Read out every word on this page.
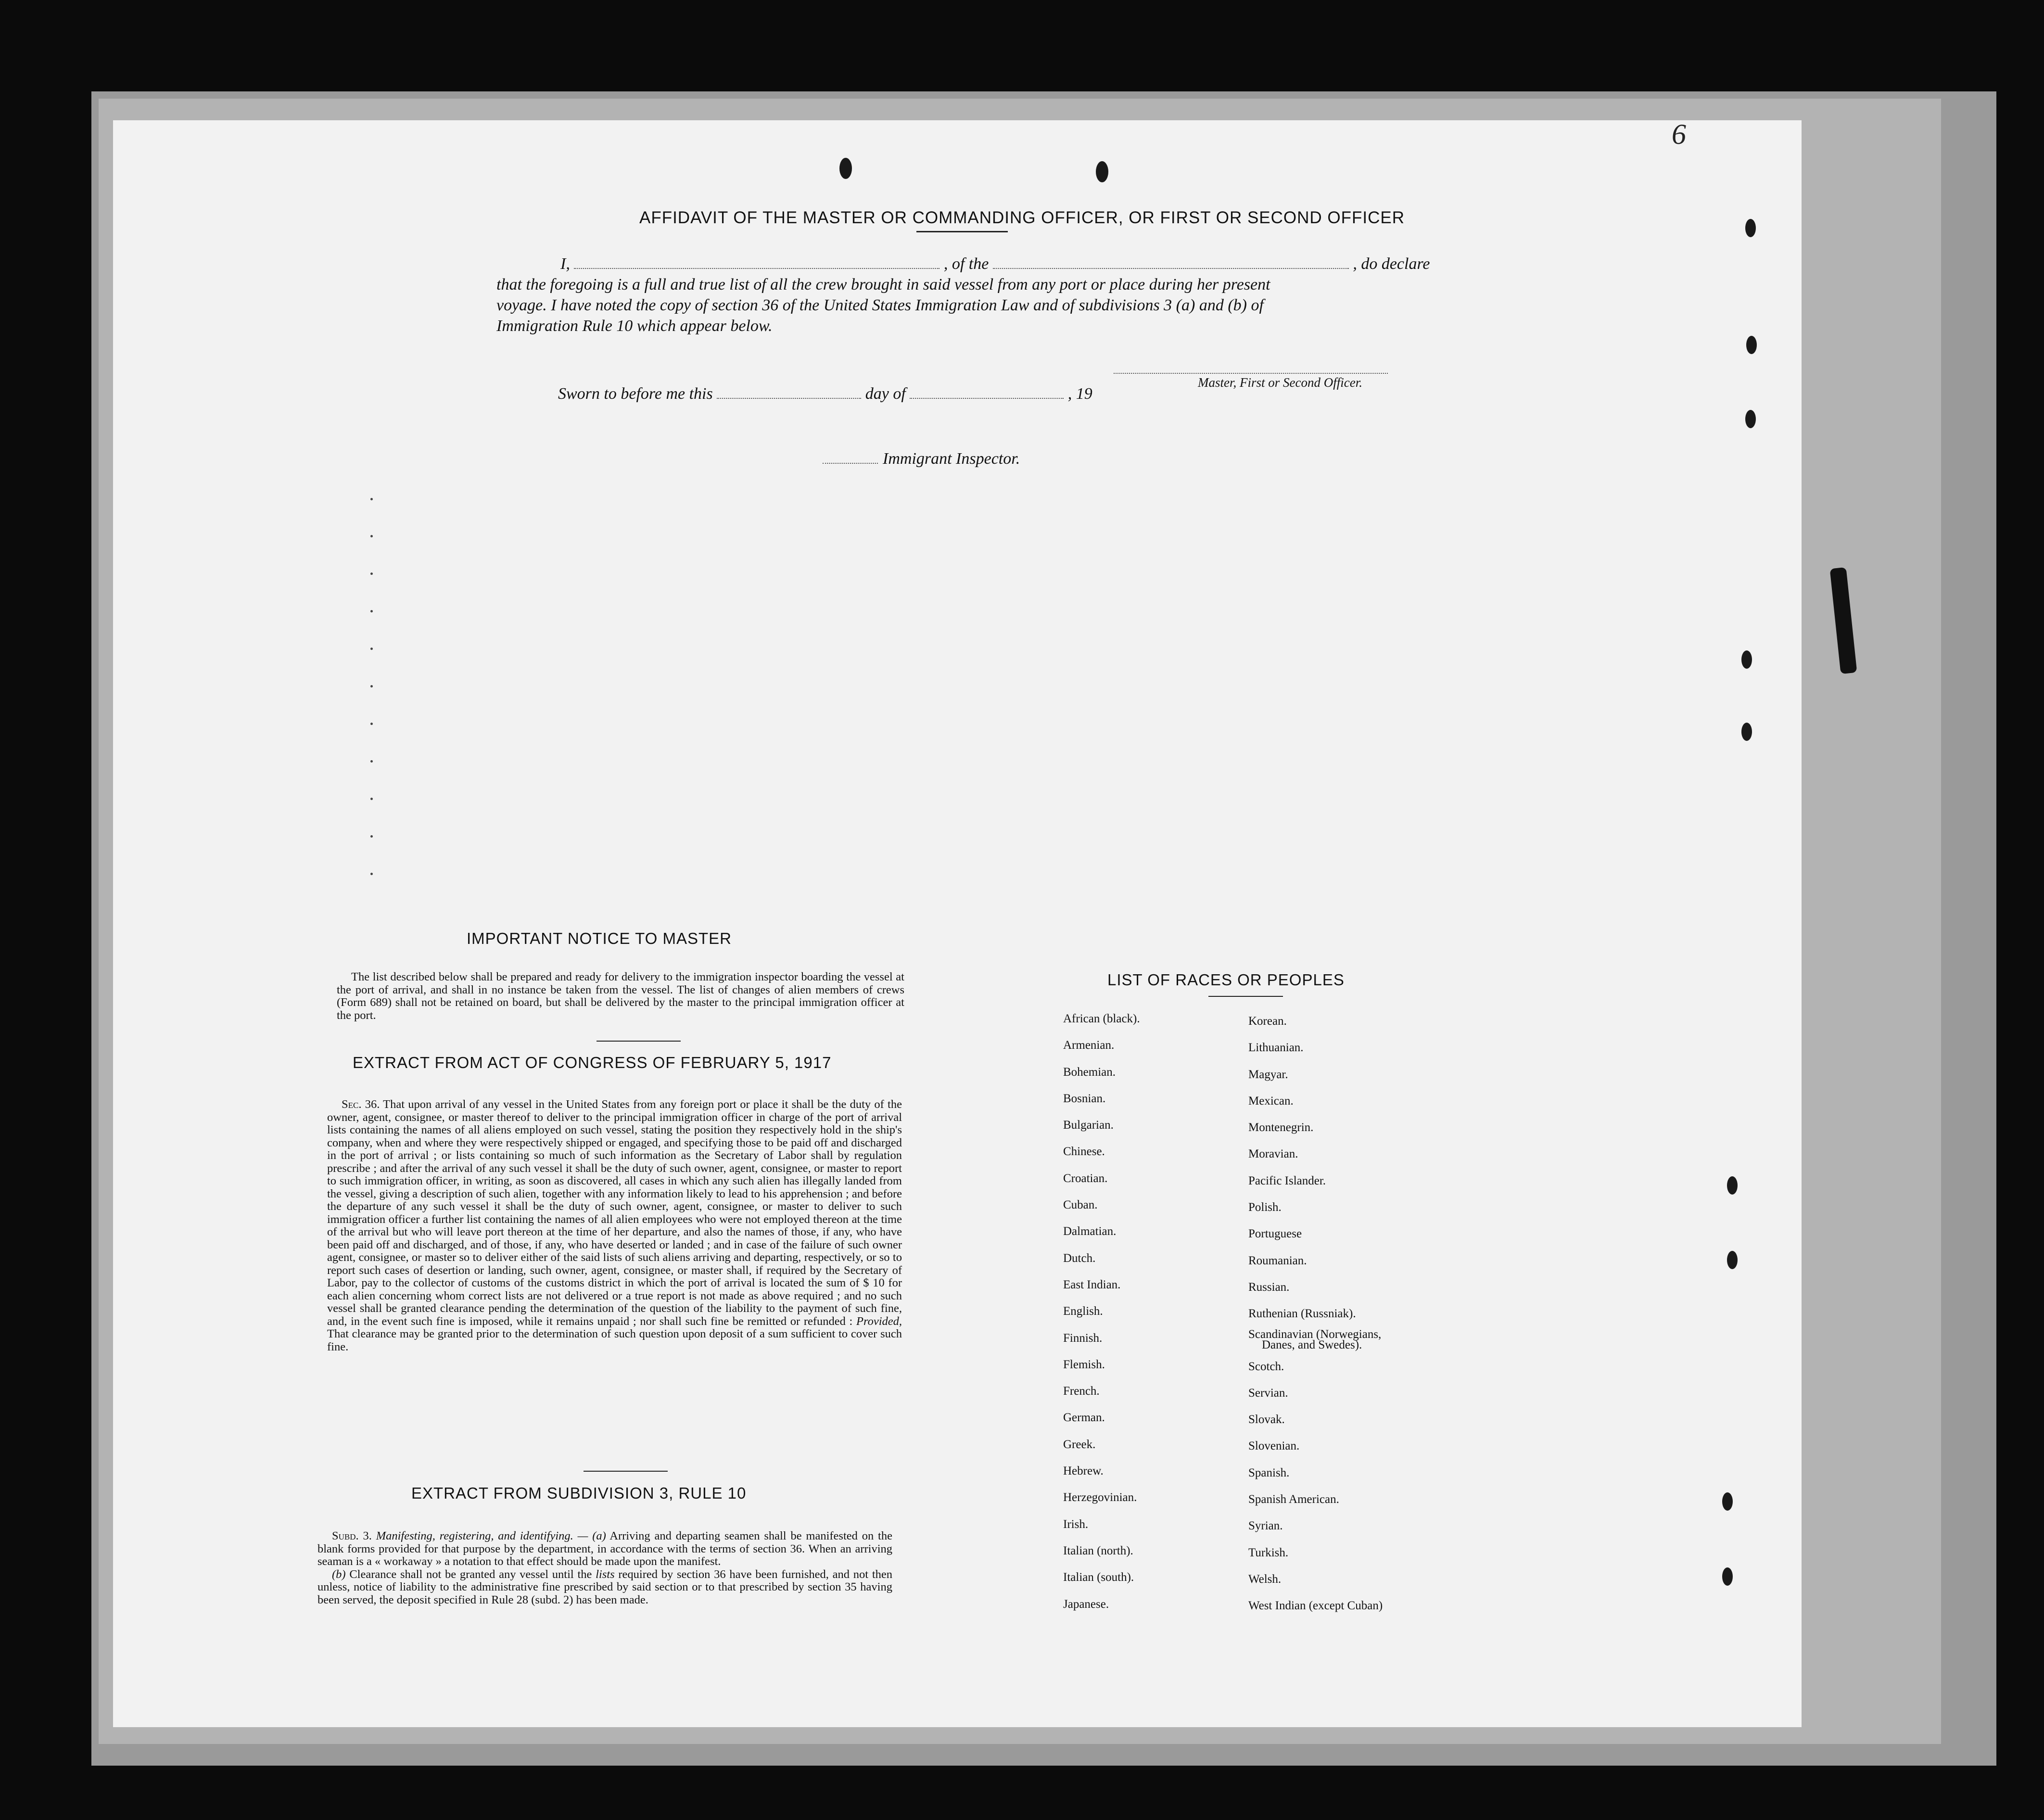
6
AFFIDAVIT OF THE MASTER OR COMMANDING OFFICER, OR FIRST OR SECOND OFFICER
I,	, of the	, do declare
that the foregoing is a full and true list of all the crew brought in said vessel from any port or place during her present
voyage. I have noted the copy of section 36 of the United States Immigration Law and of subdivisions 3 (a) and (b) of
Immigration Rule 10 which appear below.
Master, First or Second Officer.
Sworn to before me this	day of	, 19
Immigrant Inspector.
IMPORTANT NOTICE TO MASTER

The list described below shall be prepared and ready for delivery to the immigration inspector boarding the vessel at the port of arrival, and shall in no instance be taken from the vessel. The list of changes of alien members of crews (Form 689) shall not be retained on board, but shall be delivered by the master to the principal immigration officer at the port.

EXTRACT FROM ACT OF CONGRESS OF FEBRUARY 5, 1917

Sec. 36. That upon arrival of any vessel in the United States from any foreign port or place it shall be the duty of the owner, agent, consignee, or master thereof to deliver to the principal immigration officer in charge of the port of arrival lists containing the names of all aliens employed on such vessel, stating the position they respectively hold in the ship's company, when and where they were respectively shipped or engaged, and specifying those to be paid off and discharged in the port of arrival ; or lists containing so much of such information as the Secretary of Labor shall by regulation prescribe ; and after the arrival of any such vessel it shall be the duty of such owner, agent, consignee, or master to report to such immigration officer, in writing, as soon as discovered, all cases in which any such alien has illegally landed from the vessel, giving a description of such alien, together with any information likely to lead to his apprehension ; and before the departure of any such vessel it shall be the duty of such owner, agent, consignee, or master to deliver to such immigration officer a further list containing the names of all alien employees who were not employed thereon at the time of the arrival but who will leave port thereon at the time of her departure, and also the names of those, if any, who have been paid off and discharged, and of those, if any, who have deserted or landed ; and in case of the failure of such owner agent, consignee, or master so to deliver either of the said lists of such aliens arriving and departing, respectively, or so to report such cases of desertion or landing, such owner, agent, consignee, or master shall, if required by the Secretary of Labor, pay to the collector of customs of the customs district in which the port of arrival is located the sum of $ 10 for each alien concerning whom correct lists are not delivered or a true report is not made as above required ; and no such vessel shall be granted clearance pending the determination of the question of the liability to the payment of such fine, and, in the event such fine is imposed, while it remains unpaid ; nor shall such fine be remitted or refunded : Provided, That clearance may be granted prior to the determination of such question upon deposit of a sum sufficient to cover such fine.

EXTRACT FROM SUBDIVISION 3, RULE 10

Subd. 3. Manifesting, registering, and identifying. — (a) Arriving and departing seamen shall be manifested on the blank forms provided for that purpose by the department, in accordance with the terms of section 36. When an arriving seaman is a « workaway » a notation to that effect should be made upon the manifest.

(b) Clearance shall not be granted any vessel until the lists required by section 36 have been furnished, and not then unless, notice of liability to the administrative fine prescribed by said section or to that prescribed by section 35 having been served, the deposit specified in Rule 28 (subd. 2) has been made.

LIST OF RACES OR PEOPLES
African (black).
Armenian.
Bohemian.
Bosnian.
Bulgarian.
Chinese.
Croatian.
Cuban.
Dalmatian.
Dutch.
East Indian.
English.
Finnish.
Flemish.
French.
German.
Greek.
Hebrew.
Herzegovinian.
Irish.
Italian (north).
Italian (south).
Japanese.
Korean.
Lithuanian.
Magyar.
Mexican.
Montenegrin.
Moravian.
Pacific Islander.
Polish.
Portuguese
Roumanian.
Russian.
Ruthenian (Russniak).
Scandinavian (Norwegians,
Danes, and Swedes).
Scotch.
Servian.
Slovak.
Slovenian.
Spanish.
Spanish American.
Syrian.
Turkish.
Welsh.
West Indian (except Cuban)
